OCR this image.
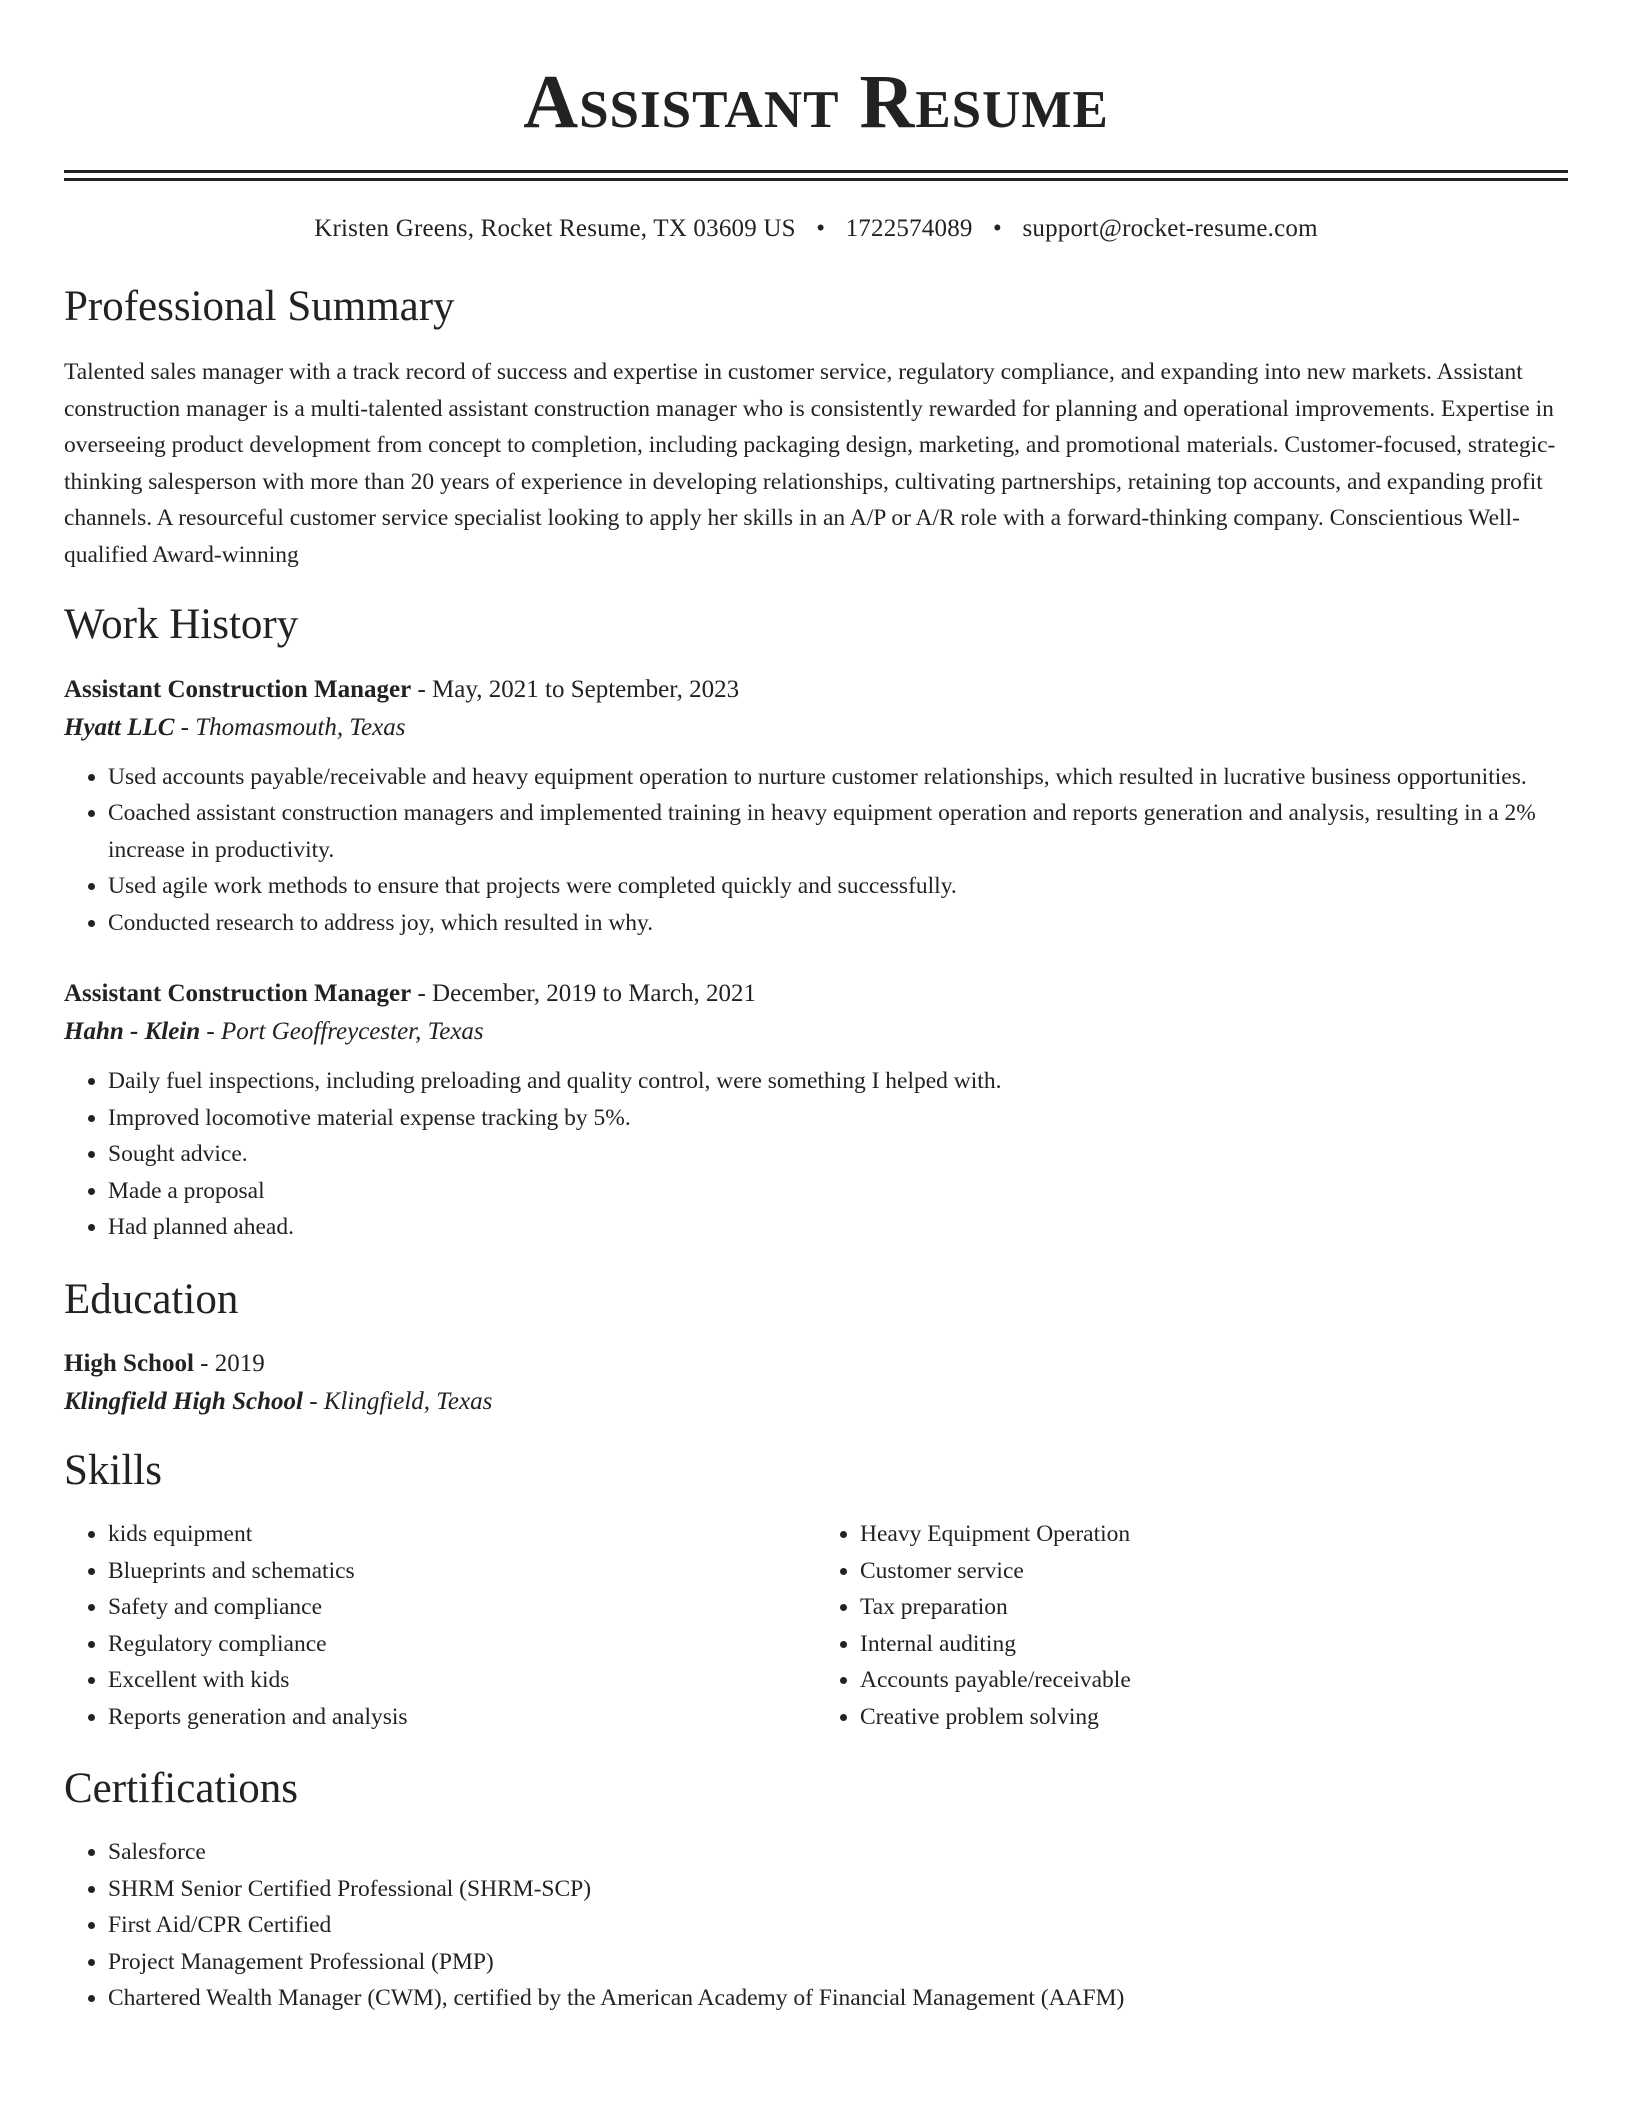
Assistant Resume
Kristen Greens, Rocket Resume, TX 03609 US • 1722574089 • support@rocket-resume.com
Professional Summary
Talented sales manager with a track record of success and expertise in customer service, regulatory compliance, and expanding into new markets. Assistant construction manager is a multi-talented assistant construction manager who is consistently rewarded for planning and operational improvements. Expertise in overseeing product development from concept to completion, including packaging design, marketing, and promotional materials. Customer-focused, strategic-thinking salesperson with more than 20 years of experience in developing relationships, cultivating partnerships, retaining top accounts, and expanding profit channels. A resourceful customer service specialist looking to apply her skills in an A/P or A/R role with a forward-thinking company. Conscientious Well-qualified Award-winning
Work History
Assistant Construction Manager - May, 2021 to September, 2023
Hyatt LLC - Thomasmouth, Texas
• Used accounts payable/receivable and heavy equipment operation to nurture customer relationships, which resulted in lucrative business opportunities.
• Coached assistant construction managers and implemented training in heavy equipment operation and reports generation and analysis, resulting in a 2% increase in productivity.
• Used agile work methods to ensure that projects were completed quickly and successfully.
• Conducted research to address joy, which resulted in why.
Assistant Construction Manager - December, 2019 to March, 2021
Hahn - Klein - Port Geoffreycester, Texas
• Daily fuel inspections, including preloading and quality control, were something I helped with.
• Improved locomotive material expense tracking by 5%.
• Sought advice.
• Made a proposal
• Had planned ahead.
Education
High School - 2019
Klingfield High School - Klingfield, Texas
Skills
• kids equipment
• Blueprints and schematics
• Safety and compliance
• Regulatory compliance
• Excellent with kids
• Reports generation and analysis
• Heavy Equipment Operation
• Customer service
• Tax preparation
• Internal auditing
• Accounts payable/receivable
• Creative problem solving
Certifications
• Salesforce
• SHRM Senior Certified Professional (SHRM-SCP)
• First Aid/CPR Certified
• Project Management Professional (PMP)
• Chartered Wealth Manager (CWM), certified by the American Academy of Financial Management (AAFM)
